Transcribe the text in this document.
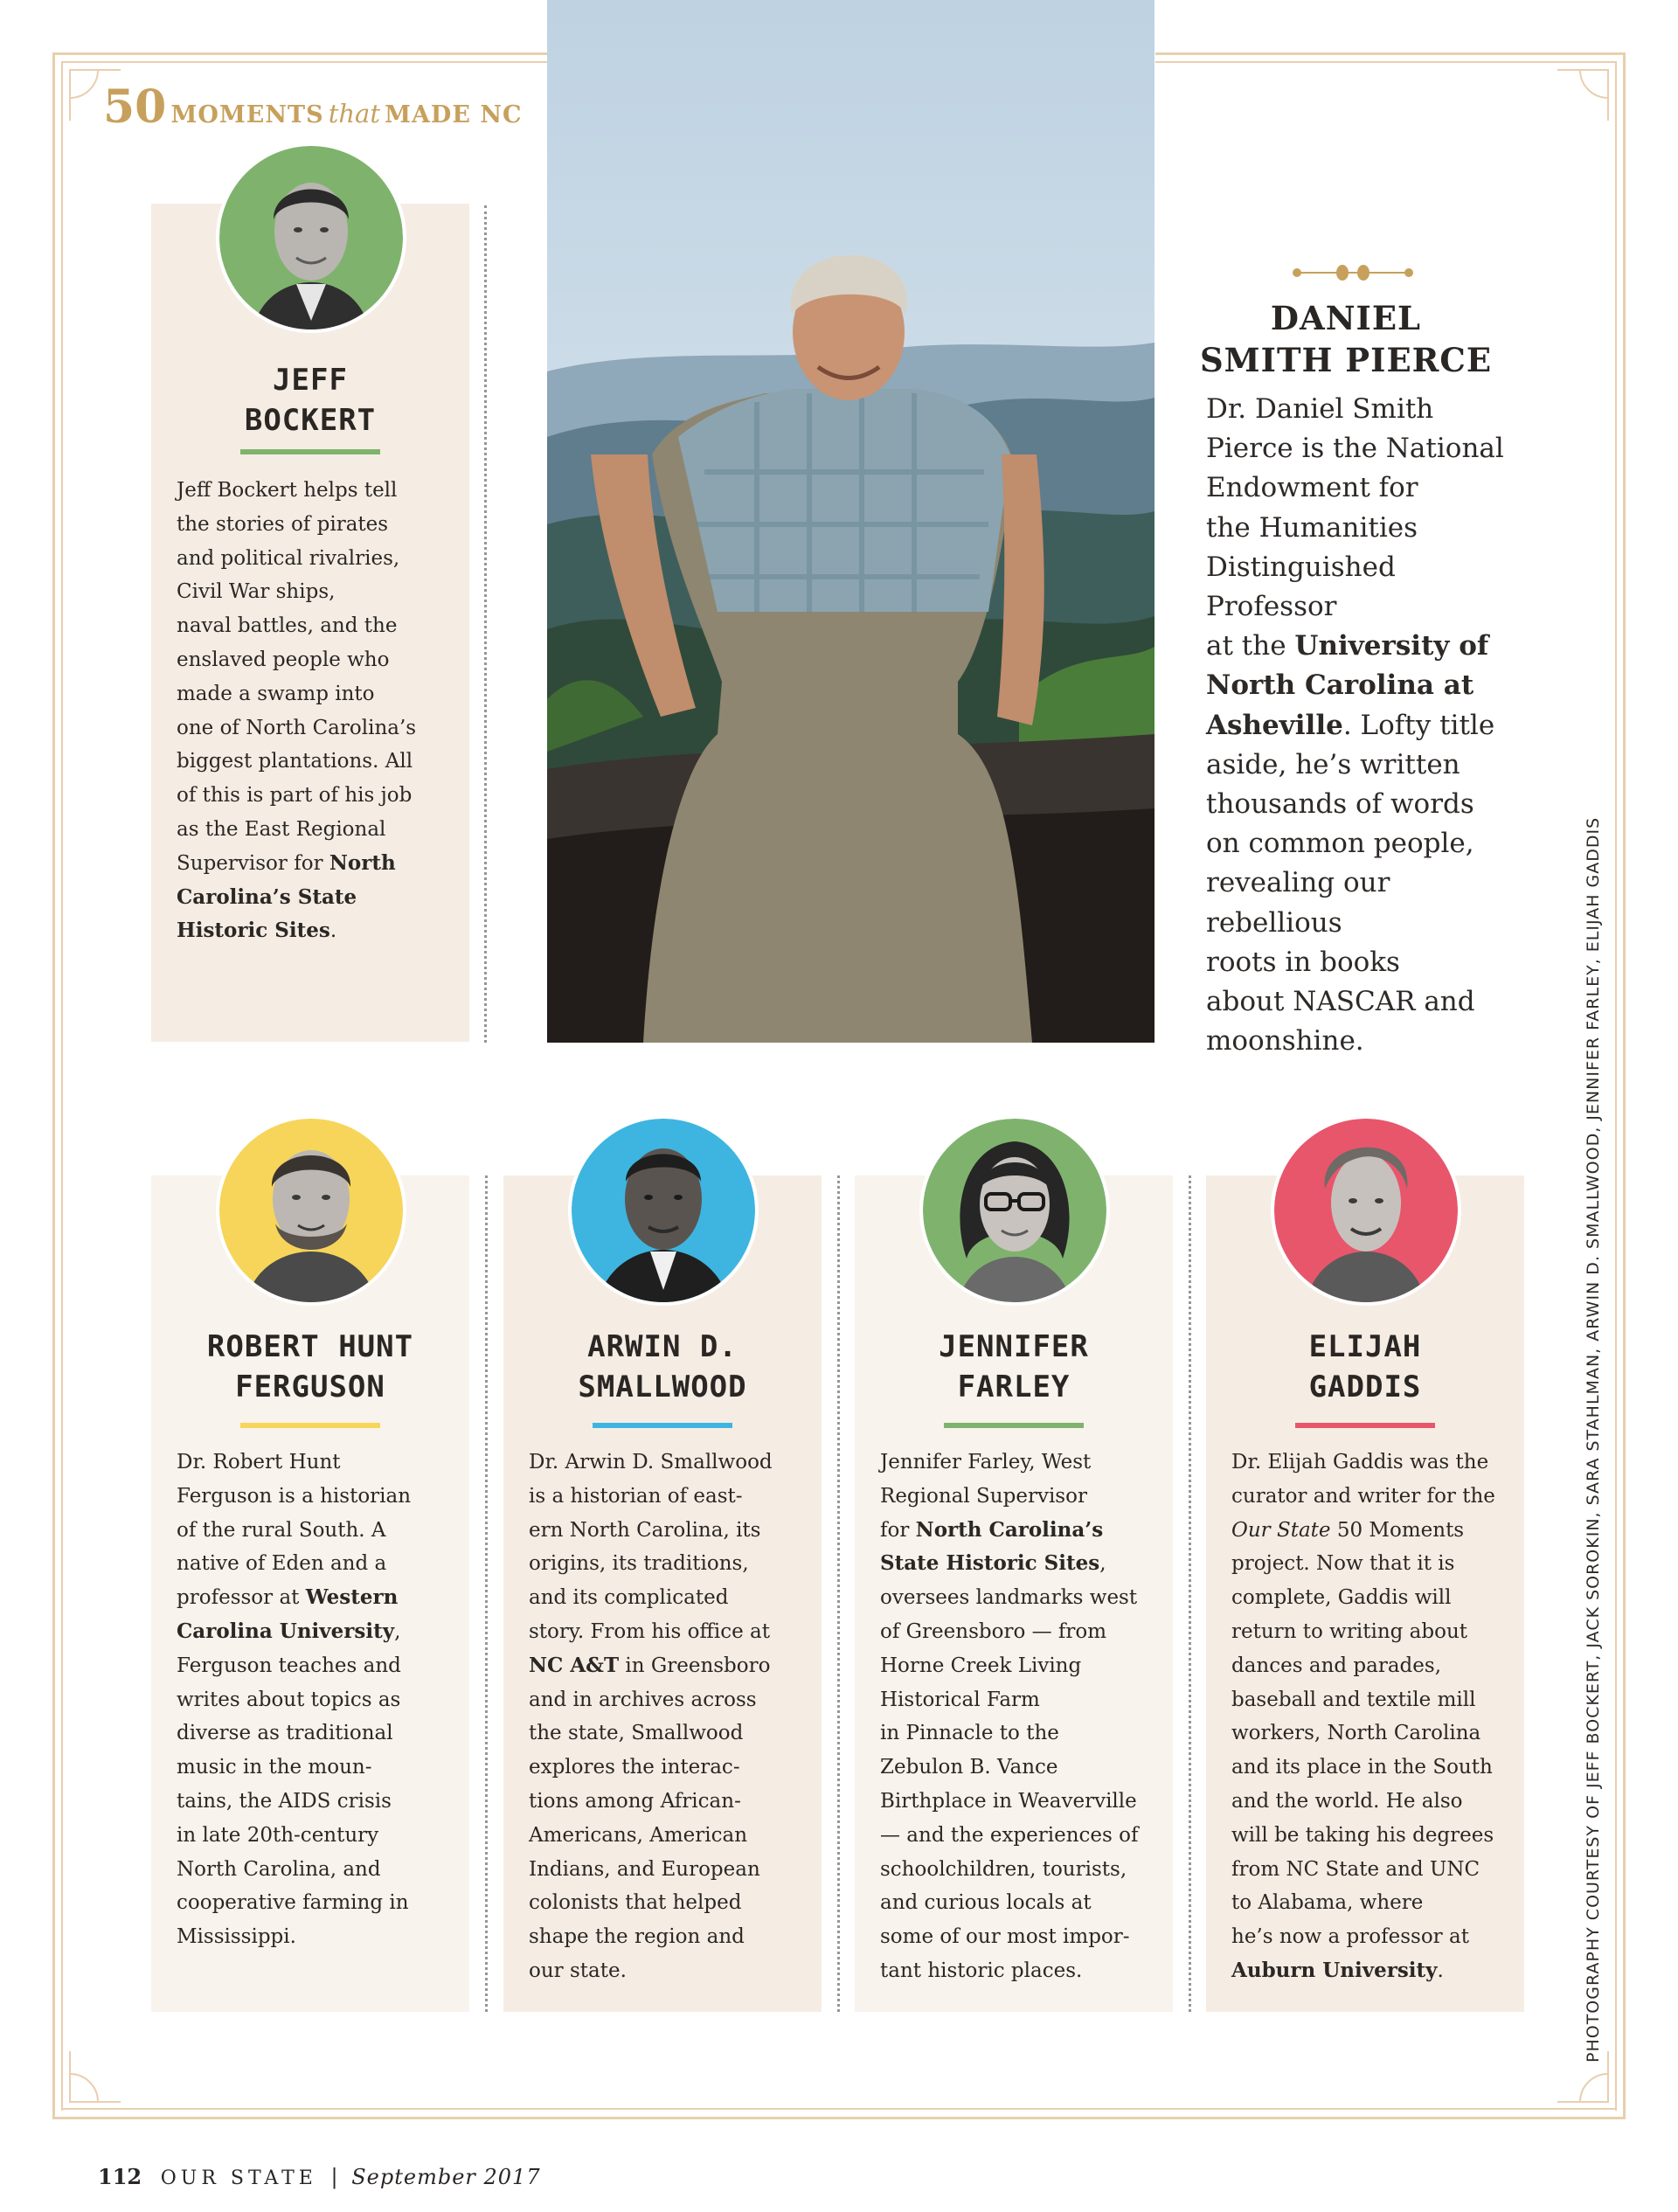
50 MOMENTS that MADE NC
JEFF
BOCKERT
Jeff Bockert helps tell
the stories of pirates
and political rivalries,
Civil War ships,
naval battles, and the
enslaved people who
made a swamp into
one of North Carolina’s
biggest plantations. All
of this is part of his job
as the East Regional
Supervisor for North
Carolina’s State
Historic Sites.
DANIEL
SMITH PIERCE
Dr. Daniel Smith
Pierce is the National
Endowment for
the Humanities
Distinguished Professor
at the University of
North Carolina at
Asheville. Lofty title
aside, he’s written
thousands of words
on common people,
revealing our rebellious
roots in books
about NASCAR and
moonshine.
ROBERT HUNT
FERGUSON
Dr. Robert Hunt
Ferguson is a historian
of the rural South. A
native of Eden and a
professor at Western
Carolina University,
Ferguson teaches and
writes about topics as
diverse as traditional
music in the moun-
tains, the AIDS crisis
in late 20th-century
North Carolina, and
cooperative farming in
Mississippi.
ARWIN D.
SMALLWOOD
Dr. Arwin D. Smallwood
is a historian of east-
ern North Carolina, its
origins, its traditions,
and its complicated
story. From his office at
NC A&T in Greensboro
and in archives across
the state, Smallwood
explores the interac-
tions among African-
Americans, American
Indians, and European
colonists that helped
shape the region and
our state.
JENNIFER
FARLEY
Jennifer Farley, West
Regional Supervisor
for North Carolina’s
State Historic Sites,
oversees landmarks west
of Greensboro — from
Horne Creek Living
Historical Farm
in Pinnacle to the
Zebulon B. Vance
Birthplace in Weaverville
— and the experiences of
schoolchildren, tourists,
and curious locals at
some of our most impor-
tant historic places.
ELIJAH
GADDIS
Dr. Elijah Gaddis was the
curator and writer for the
Our State 50 Moments
project. Now that it is
complete, Gaddis will
return to writing about
dances and parades,
baseball and textile mill
workers, North Carolina
and its place in the South
and the world. He also
will be taking his degrees
from NC State and UNC
to Alabama, where
he’s now a professor at
Auburn University.	PHOTOGRAPHY COURTESY OF JEFF BOCKERT, JACK SOROKIN, SARA STAHLMAN, ARWIN D. SMALLWOOD, JENNIFER FARLEY, ELIJAH GADDIS
112 OUR STATE | September 2017
